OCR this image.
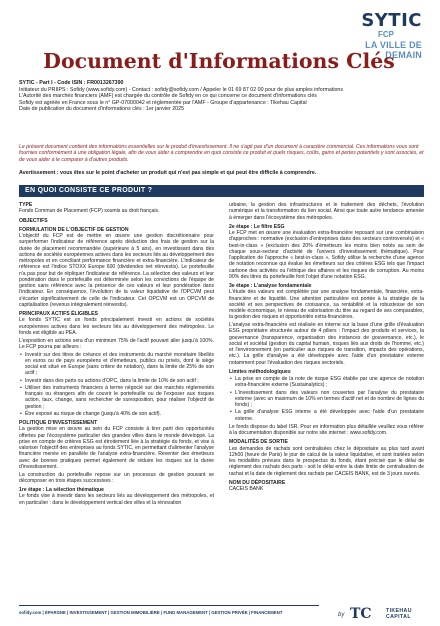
SYTIC
FCP
LA VILLE DE DEMAIN
Document d'Informations Clés
SYTIC - Part I - Code ISIN : FR0013267390
Initiateur du PRIIPS : Sofidy (www.sofidy.com) - Contact : sofidy@sofidy.com / Appeler le 01 69 87 02 00 pour de plus amples informations
L'Autorité des marchés financiers (AMF) est chargée du contrôle de Sofidy en ce qui concerne ce document d'informations clés
Sofidy est agréée en France sous le n° GP-07000042 et réglementée par l'AMF - Groupe d'appartenance : Tikehau Capital
Date de publication du document d'informations clés : 1er janvier 2025
Le présent document contient des informations essentielles sur le produit d'investissement. Il ne s'agit pas d'un document à caractère commercial. Ces informations vous sont fournies conformément à une obligation légale, afin de vous aider à comprendre en quoi consiste ce produit et quels risques, coûts, gains et pertes potentiels y sont associés, et de vous aider à le comparer à d'autres produits.
Avertissement : vous êtes sur le point d'acheter un produit qui n'est pas simple et qui peut être difficile à comprendre.
EN QUOI CONSISTE CE PRODUIT ?
TYPE

Fonds Commun de Placement (FCP) soumis au droit français.

OBJECTIFS
FORMULATION DE L'OBJECTIF DE GESTION

L'objectif du FCP est de mettre en œuvre une gestion discrétionnaire pour surperformer l'indicateur de référence après déduction des frais de gestion sur la durée de placement recommandée (supérieure à 5 ans), en investissant dans des actions de sociétés européennes actives dans les secteurs liés au développement des métropoles et en conciliant performance financière et extra-financière. L'indicateur de référence est l'indice STOXX Europe 600 (dividendes net réinvestis). Le portefeuille n'a pas pour but de répliquer l'indicateur de référence. La sélection des valeurs et leur pondération dans le portefeuille est déterminée selon les convictions de l'équipe de gestion sans référence avec la présence de ces valeurs et leur pondération dans l'indicateur. En conséquence, l'évolution de la valeur liquidative de l'OPCVM peut s'écarter significativement de celle de l'indicateur. Cet OPCVM est un OPCVM de capitalisation (revenus intégralement réinvestis).

PRINCIPAUX ACTIFS ÉLIGIBLES

Le fonds SYTIC est un fonds principalement investi en actions de sociétés européennes actives dans les secteurs liés au développement des métropoles. Le fonds est éligible au PEA.

L'exposition en actions sera d'un minimum 75% de l'actif pouvant aller jusqu'à 100%. Le FCP pourra par ailleurs :

• Investir sur des titres de créance et des instruments du marché monétaire libellés en euros ou de pays européens et d'émetteurs, publics ou privés, dont le siège social est situé en Europe (sans critère de notation), dans la limite de 25% de son actif ;
• Investir dans des parts ou actions d'OPC, dans la limite de 10% de son actif ;
• Utiliser des instruments financiers à terme négocié sur des marchés réglementés français ou étrangers afin de couvrir le portefeuille ou de l'exposer aux risques action, taux, change, sans rechercher de surexposition, pour réaliser l'objectif de gestion ;
• Être exposé au risque de change (jusqu'à 40% de son actif).
POLITIQUE D'INVESTISSEMENT

La gestion mise en œuvre au sein du FCP consiste à tirer parti des opportunités offertes par l'écosystème particulier des grandes villes dans le monde développé. La prise en compte de critères ESG est étroitement liée à la stratégie du fonds, et vise à valoriser l'objectif des entreprises au fonds SYTIC, en permettant d'alimenter l'analyse financière menée en parallèle de l'analyse extra-financière. Reventer des émetteurs avec de bonnes pratiques permet également de réduire les risques sur la durée d'investissement.

La construction du portefeuille repose sur un processus de gestion pouvant se décomposer en trois étapes successives :

1re étape : La sélection thématique

Le fonds vise à investir dans les secteurs liés au développement des métropoles, et en particulier : dans le développement vertical des villes et la rénovation

urbaine, la gestion des infrastructures et le traitement des déchets, l'évolution numérique et la transformation du lien social. Ainsi que toute autre tendance amenée à émerger dans l'écosystème des métropoles.

2e étape : Le filtre ESG

Le FCP met en œuvre une évaluation extra-financière reposant sur une combinaison d'approches : normative (exclusion d'entreprises dans des secteurs controversés) et « best-in-class » (exclusion des 20% d'émetteurs les moins bien notés au sein de chaque sous-secteur d'activité de l'univers d'investissement thématique). Pour l'application de l'approche « best-in-class », Sofidy utilise la recherche d'une agence de notation reconnue qui évalue les émetteurs sur des critères ESG tels que l'impact carbone des activités ou l'éthique des affaires et les risques de corruption. Au moins 90% des titres du portefeuille font l'objet d'une notation ESG.

3e étape : L'analyse fondamentale

L'étude des valeurs est complétée par une analyse fondamentale, financière, extra-financière et de liquidité. Une attention particulière est portée à la stratégie de la société et ses perspectives de croissance, sa rentabilité et la robustesse de son modèle économique, le niveau de valorisation du titre au regard de ses comparables, la gestion des risques et opportunités extra-financières.

L'analyse extra-financière est réalisée en interne sur la base d'une grille d'évaluation ESG propriétaire structurée autour de 4 piliers : l'impact des produits et services, la gouvernance (transparence, organisation des instances de gouvernance, etc.), le social et sociétal (gestion du capital humain, risques liés aux droits de l'homme, etc.) et l'environnement (en particulier aux risques de transition, impacts des opérations, etc.). La grille d'analyse a été développée avec l'aide d'un prestataire externe notamment pour l'évaluation des risques sectoriels.

Limites méthodologiques
• La prise en compte de la note de risque ESG établie par une agence de notation extra-financière externe (Sustainalytics) ;
• L'investissement dans des valeurs non couvertes par l'analyse du prestataire externe (avec un maximum de 10% en termes d'actif net et de nombre de lignes du fonds) ;
• La grille d'analyse ESG interne a été développée avec l'aide d'un prestataire externe.

Le fonds dispose du label ISR. Pour en information plus détaillée veuillez vous référer à la documentation disponible sur notre site internet : www.sofidy.com.

MODALITÉS DE SORTIE

Les demandes de rachats sont centralisées chez le dépositaire au plus tard avant 12h00 (heure de Paris) le jour de calcul de la valeur liquidative, et sont traitées selon les modalités prévues dans le prospectus du fonds, étant précisé que le délai de règlement des rachats des parts - soit le délai entre la date limite de centralisation de rachat et la date de règlement des rachats par CACEIS BANK, est de 3 jours ouvrés.

NOM DU DÉPOSITAIRE

CACEIS BANK

sofidy.com | ÉPARGNE | INVESTISSEMENT | GESTION IMMOBILIÈRE | FUND MANAGEMENT | GESTION PRIVÉE | FINANCEMENT	by TC	TIKEHAU
CAPITAL
